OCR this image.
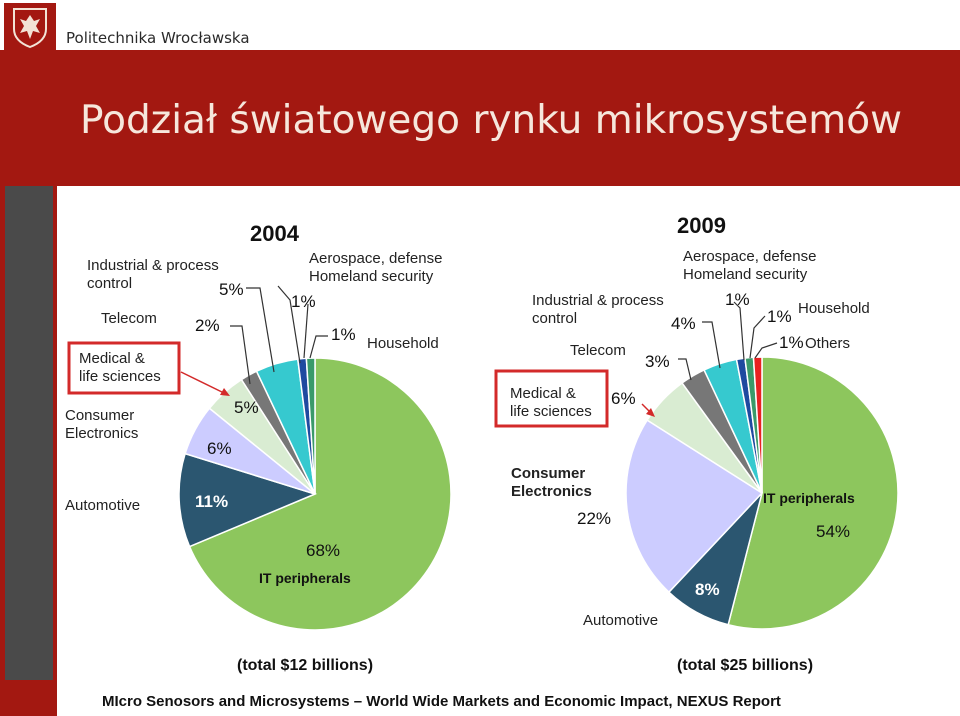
Politechnika Wrocławska
Podział światowego rynku mikrosystemów
2004
IT peripherals
68%
11%
6%
5%
Automotive
Consumer
Electronics
Medical &
life sciences
Telecom 2%
Industrial & process
control	5%
Aerospace, defense
Homeland security
1%
Household
1%
(total $12 billions)
2009
IT peripherals
54%
8%
22%
Consumer
Electronics
Automotive
Medical &
life sciences
6%
Telecom
3%
Industrial & process
control	4%
Aerospace, defense
Homeland security
1%	Household
1%
Others
1%
(total $25 billions)
MIcro Senosors and Microsystems – World Wide Markets and Economic Impact, NEXUS Report
